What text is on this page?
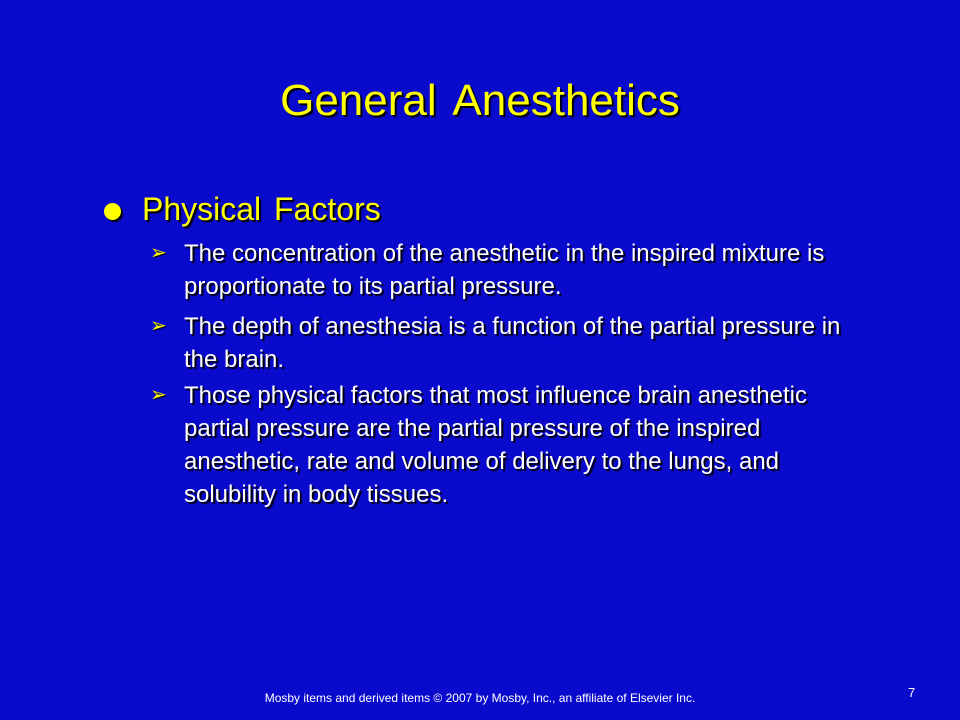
General Anesthetics
Physical Factors
➢ The concentration of the anesthetic in the inspired mixture is proportionate to its partial pressure.
➢ The depth of anesthesia is a function of the partial pressure in the brain.
➢ Those physical factors that most influence brain anesthetic partial pressure are the partial pressure of the inspired anesthetic, rate and volume of delivery to the lungs, and solubility in body tissues.
Mosby items and derived items © 2007 by Mosby, Inc., an affiliate of Elsevier Inc.	7
